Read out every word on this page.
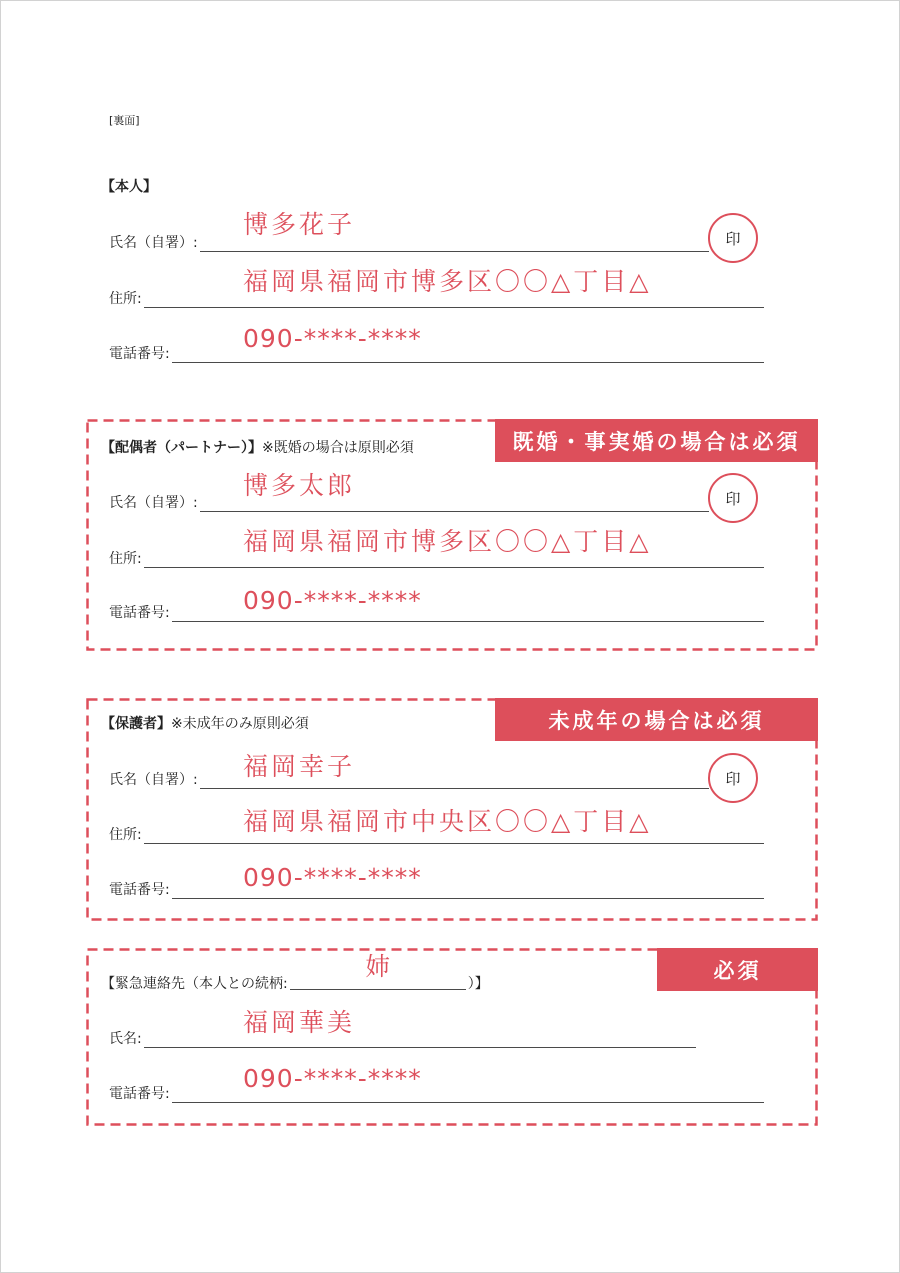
[裏面]
【本人】
氏名（自署）:
博多花子	印
住所:
福岡県福岡市博多区〇〇△丁目△
電話番号:
090-****-****
既婚・事実婚の場合は必須
【配偶者（パートナー）】※既婚の場合は原則必須
氏名（自署）:
博多太郎	印
住所:
福岡県福岡市博多区〇〇△丁目△
電話番号:	090-****-****
未成年の場合は必須
【保護者】※未成年のみ原則必須
氏名（自署）: 福岡幸子	印
住所:	福岡県福岡市中央区〇〇△丁目△
電話番号:	090-****-****
必須
【緊急連絡先（本人との続柄:
姉
）】
氏名:
福岡華美
電話番号:
090-****-****
